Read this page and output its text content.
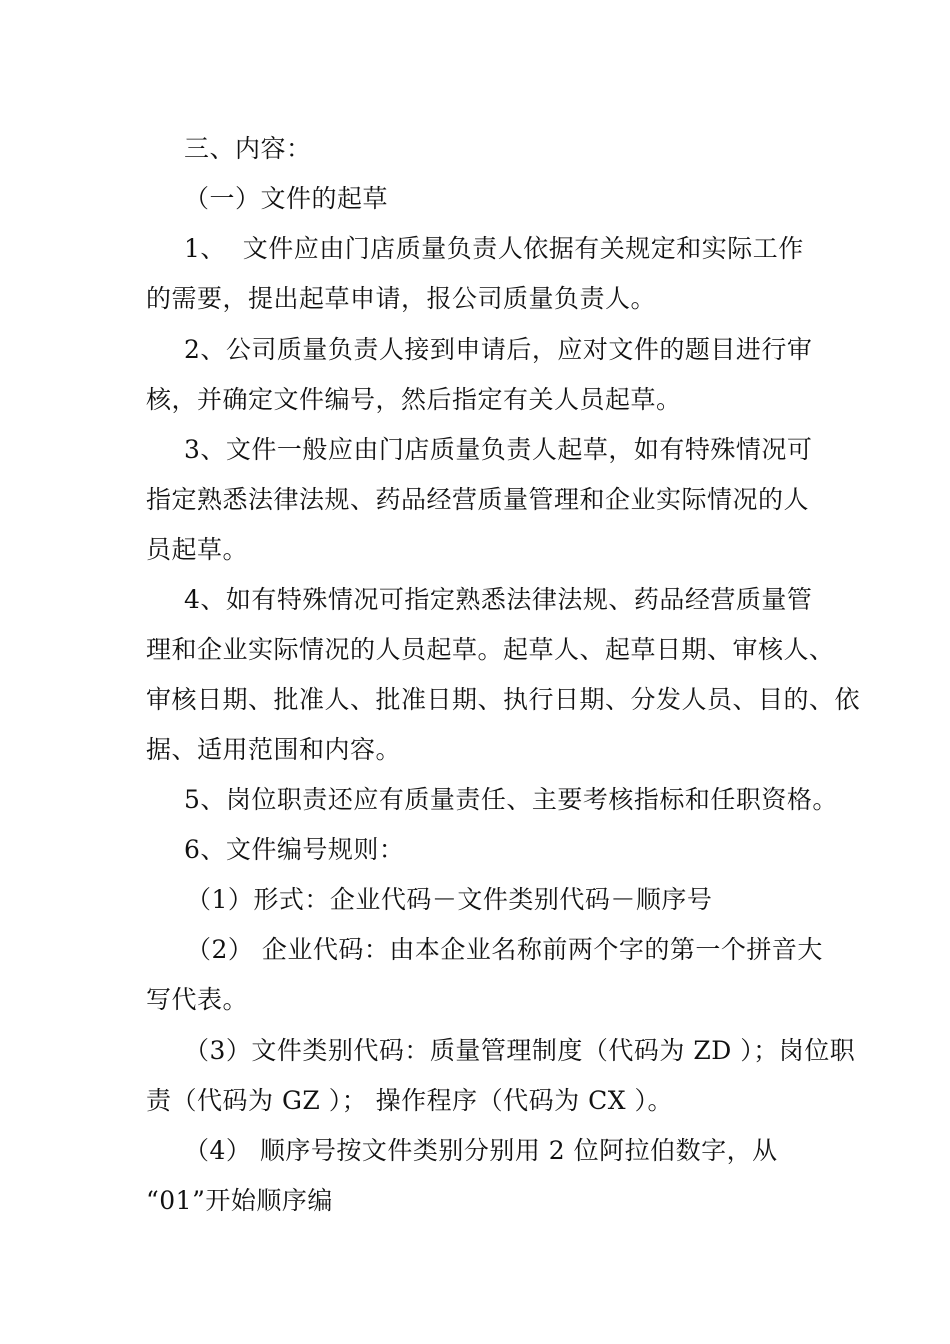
三、内容：
（一）文件的起草
1、  文件应由门店质量负责人依据有关规定和实际工作
的需要，提出起草申请，报公司质量负责人。
2、公司质量负责人接到申请后，应对文件的题目进行审
核，并确定文件编号，然后指定有关人员起草。
3、文件一般应由门店质量负责人起草，如有特殊情况可
指定熟悉法律法规、药品经营质量管理和企业实际情况的人
员起草。
4、如有特殊情况可指定熟悉法律法规、药品经营质量管
理和企业实际情况的人员起草。起草人、起草日期、审核人、
审核日期、批准人、批准日期、执行日期、分发人员、目的、依
据、适用范围和内容。
5、岗位职责还应有质量责任、主要考核指标和任职资格。
6、文件编号规则：
（1）形式：企业代码－文件类别代码－顺序号
（2） 企业代码：由本企业名称前两个字的第一个拼音大
写代表。
（3）文件类别代码：质量管理制度（代码为 ZD ）；岗位职
责（代码为 GZ ）； 操作程序（代码为 CX ）。
（4） 顺序号按文件类别分别用 2 位阿拉伯数字，从
“01”开始顺序编
